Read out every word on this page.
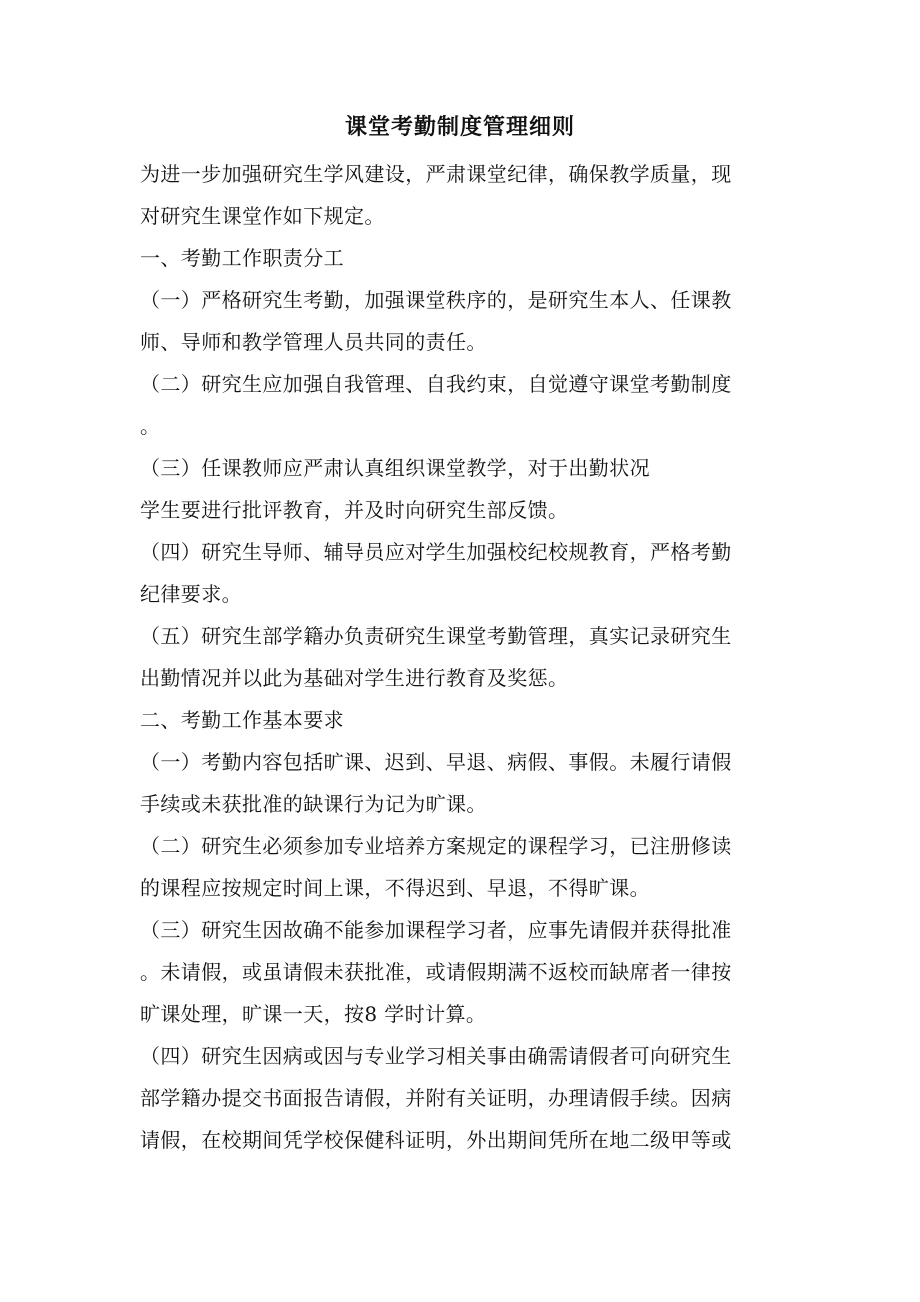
课堂考勤制度管理细则
为进一步加强研究生学风建设，严肃课堂纪律，确保教学质量，现
对研究生课堂作如下规定。
一、考勤工作职责分工
（一）严格研究生考勤，加强课堂秩序的，是研究生本人、任课教
师、导师和教学管理人员共同的责任。
（二）研究生应加强自我管理、自我约束，自觉遵守课堂考勤制度
。
（三）任课教师应严肃认真组织课堂教学，对于出勤状况
学生要进行批评教育，并及时向研究生部反馈。
（四）研究生导师、辅导员应对学生加强校纪校规教育，严格考勤
纪律要求。
（五）研究生部学籍办负责研究生课堂考勤管理，真实记录研究生
出勤情况并以此为基础对学生进行教育及奖惩。
二、考勤工作基本要求
（一）考勤内容包括旷课、迟到、早退、病假、事假。未履行请假
手续或未获批准的缺课行为记为旷课。
（二）研究生必须参加专业培养方案规定的课程学习，已注册修读
的课程应按规定时间上课，不得迟到、早退，不得旷课。
（三）研究生因故确不能参加课程学习者，应事先请假并获得批准
。未请假，或虽请假未获批准，或请假期满不返校而缺席者一律按
旷课处理，旷课一天，按8 学时计算。
（四）研究生因病或因与专业学习相关事由确需请假者可向研究生
部学籍办提交书面报告请假，并附有关证明，办理请假手续。因病
请假，在校期间凭学校保健科证明，外出期间凭所在地二级甲等或
